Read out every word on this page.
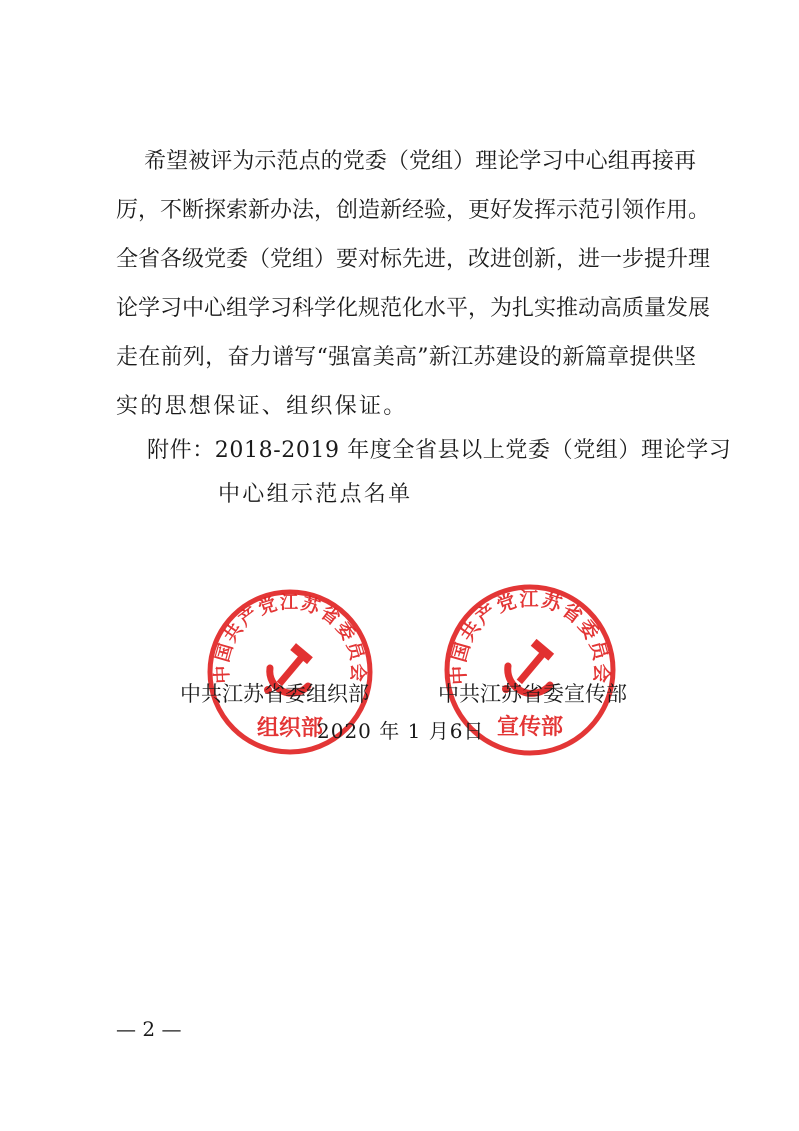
希望被评为示范点的党委（党组）理论学习中心组再接再
厉，不断探索新办法，创造新经验，更好发挥示范引领作用。
全省各级党委（党组）要对标先进，改进创新，进一步提升理
论学习中心组学习科学化规范化水平，为扎实推动高质量发展
走在前列，奋力谱写“强富美高”新江苏建设的新篇章提供坚
实的思想保证、组织保证。
附件：2018-2019 年度全省县以上党委（党组）理论学习
中心组示范点名单
中国共产党江苏省委员会
组织部
中国共产党江苏省委员会
宣传部
中共江苏省委组织部	中共江苏省委宣传部
2020 年 1 月6日
— 2 —
